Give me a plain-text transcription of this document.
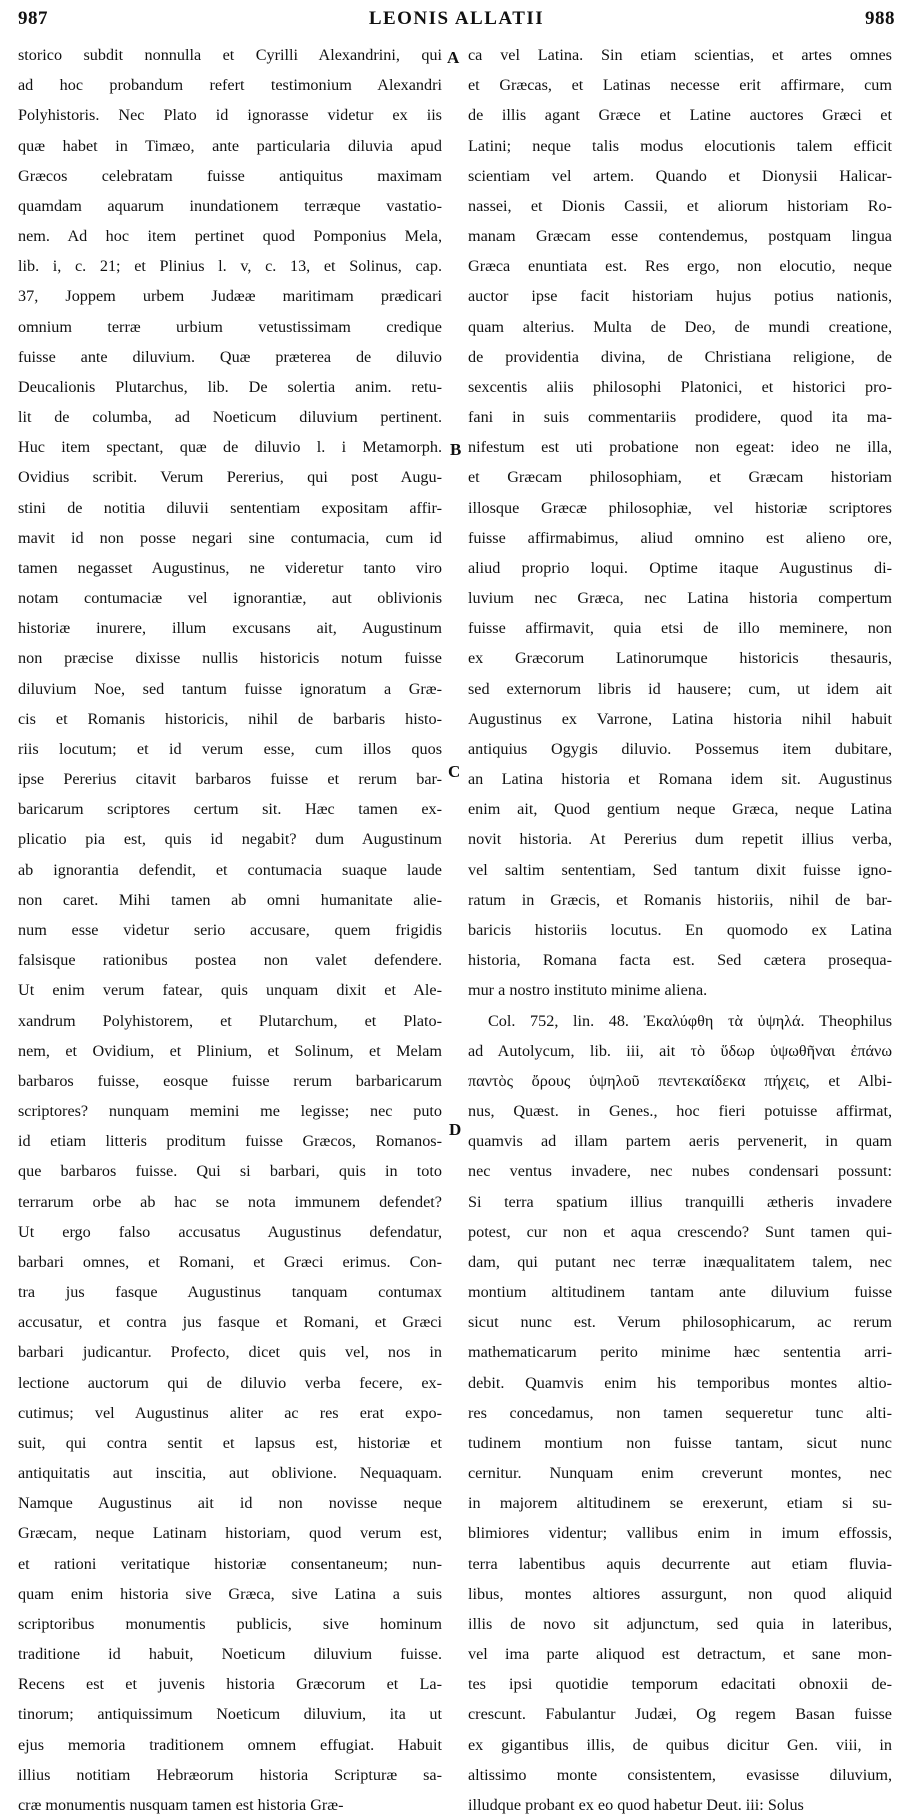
987	LEONIS ALLATII	988
storico subdit nonnulla et Cyrilli Alexandrini, qui
ad hoc probandum refert testimonium Alexandri
Polyhistoris. Nec Plato id ignorasse videtur ex iis
quæ habet in Timæo, ante particularia diluvia apud
Græcos celebratam fuisse antiquitus maximam
quamdam aquarum inundationem terræque vastatio-
nem. Ad hoc item pertinet quod Pomponius Mela,
lib. i, c. 21; et Plinius l. v, c. 13, et Solinus, cap.
37, Joppem urbem Judææ maritimam prædicari
omnium terræ urbium vetustissimam credique
fuisse ante diluvium. Quæ præterea de diluvio
Deucalionis Plutarchus, lib. De solertia anim. retu-
lit de columba, ad Noeticum diluvium pertinent.
Huc item spectant, quæ de diluvio l. i Metamorph.
Ovidius scribit. Verum Pererius, qui post Augu-
stini de notitia diluvii sententiam expositam affir-
mavit id non posse negari sine contumacia, cum id
tamen negasset Augustinus, ne videretur tanto viro
notam contumaciæ vel ignorantiæ, aut oblivionis
historiæ inurere, illum excusans ait, Augustinum
non præcise dixisse nullis historicis notum fuisse
diluvium Noe, sed tantum fuisse ignoratum a Græ-
cis et Romanis historicis, nihil de barbaris histo-
riis locutum; et id verum esse, cum illos quos
ipse Pererius citavit barbaros fuisse et rerum bar-
baricarum scriptores certum sit. Hæc tamen ex-
plicatio pia est, quis id negabit? dum Augustinum
ab ignorantia defendit, et contumacia suaque laude
non caret. Mihi tamen ab omni humanitate alie-
num esse videtur serio accusare, quem frigidis
falsisque rationibus postea non valet defendere.
Ut enim verum fatear, quis unquam dixit et Ale-
xandrum Polyhistorem, et Plutarchum, et Plato-
nem, et Ovidium, et Plinium, et Solinum, et Melam
barbaros fuisse, eosque fuisse rerum barbaricarum
scriptores? nunquam memini me legisse; nec puto
id etiam litteris proditum fuisse Græcos, Romanos-
que barbaros fuisse. Qui si barbari, quis in toto
terrarum orbe ab hac se nota immunem defendet?
Ut ergo falso accusatus Augustinus defendatur,
barbari omnes, et Romani, et Græci erimus. Con-
tra jus fasque Augustinus tanquam contumax
accusatur, et contra jus fasque et Romani, et Græci
barbari judicantur. Profecto, dicet quis vel, nos in
lectione auctorum qui de diluvio verba fecere, ex-
cutimus; vel Augustinus aliter ac res erat expo-
suit, qui contra sentit et lapsus est, historiæ et
antiquitatis aut inscitia, aut oblivione. Nequaquam.
Namque Augustinus ait id non novisse neque
Græcam, neque Latinam historiam, quod verum est,
et rationi veritatique historiæ consentaneum; nun-
quam enim historia sive Græca, sive Latina a suis
scriptoribus monumentis publicis, sive hominum
traditione id habuit, Noeticum diluvium fuisse.
Recens est et juvenis historia Græcorum et La-
tinorum; antiquissimum Noeticum diluvium, ita ut
ejus memoria traditionem omnem effugiat. Habuit
illius notitiam Hebræorum historia Scripturæ sa-
cræ monumentis nusquam tamen est historia Græ-
ca vel Latina. Sin etiam scientias, et artes omnes
et Græcas, et Latinas necesse erit affirmare, cum
de illis agant Græce et Latine auctores Græci et
Latini; neque talis modus elocutionis talem efficit
scientiam vel artem. Quando et Dionysii Halicar-
nassei, et Dionis Cassii, et aliorum historiam Ro-
manam Græcam esse contendemus, postquam lingua
Græca enuntiata est. Res ergo, non elocutio, neque
auctor ipse facit historiam hujus potius nationis,
quam alterius. Multa de Deo, de mundi creatione,
de providentia divina, de Christiana religione, de
sexcentis aliis philosophi Platonici, et historici pro-
fani in suis commentariis prodidere, quod ita ma-
nifestum est uti probatione non egeat: ideo ne illa,
et Græcam philosophiam, et Græcam historiam
illosque Græcæ philosophiæ, vel historiæ scriptores
fuisse affirmabimus, aliud omnino est alieno ore,
aliud proprio loqui. Optime itaque Augustinus di-
luvium nec Græca, nec Latina historia compertum
fuisse affirmavit, quia etsi de illo meminere, non
ex Græcorum Latinorumque historicis thesauris,
sed externorum libris id hausere; cum, ut idem ait
Augustinus ex Varrone, Latina historia nihil habuit
antiquius Ogygis diluvio. Possemus item dubitare,
an Latina historia et Romana idem sit. Augustinus
enim ait, Quod gentium neque Græca, neque Latina
novit historia. At Pererius dum repetit illius verba,
vel saltim sententiam, Sed tantum dixit fuisse igno-
ratum in Græcis, et Romanis historiis, nihil de bar-
baricis historiis locutus. En quomodo ex Latina
historia, Romana facta est. Sed cætera prosequa-
mur a nostro instituto minime aliena.
Col. 752, lin. 48. Ἐκαλύφθη τὰ ὑψηλά. Theophilus
ad Autolycum, lib. iii, ait τὸ ὕδωρ ὑψωθῆναι ἐπάνω
παντὸς ὄρους ὑψηλοῦ πεντεκαίδεκα πήχεις, et Albi-
nus, Quæst. in Genes., hoc fieri potuisse affirmat,
quamvis ad illam partem aeris pervenerit, in quam
nec ventus invadere, nec nubes condensari possunt:
Si terra spatium illius tranquilli ætheris invadere
potest, cur non et aqua crescendo? Sunt tamen qui-
dam, qui putant nec terræ inæqualitatem talem, nec
montium altitudinem tantam ante diluvium fuisse
sicut nunc est. Verum philosophicarum, ac rerum
mathematicarum perito minime hæc sententia arri-
debit. Quamvis enim his temporibus montes altio-
res concedamus, non tamen sequeretur tunc alti-
tudinem montium non fuisse tantam, sicut nunc
cernitur. Nunquam enim creverunt montes, nec
in majorem altitudinem se erexerunt, etiam si su-
blimiores videntur; vallibus enim in imum effossis,
terra labentibus aquis decurrente aut etiam fluvia-
libus, montes altiores assurgunt, non quod aliquid
illis de novo sit adjunctum, sed quia in lateribus,
vel ima parte aliquod est detractum, et sane mon-
tes ipsi quotidie temporum edacitati obnoxii de-
crescunt. Fabulantur Judæi, Og regem Basan fuisse
ex gigantibus illis, de quibus dicitur Gen. viii, in
altissimo monte consistentem, evasisse diluvium,
illudque probant ex eo quod habetur Deut. iii: Solus
A
B
C
D
